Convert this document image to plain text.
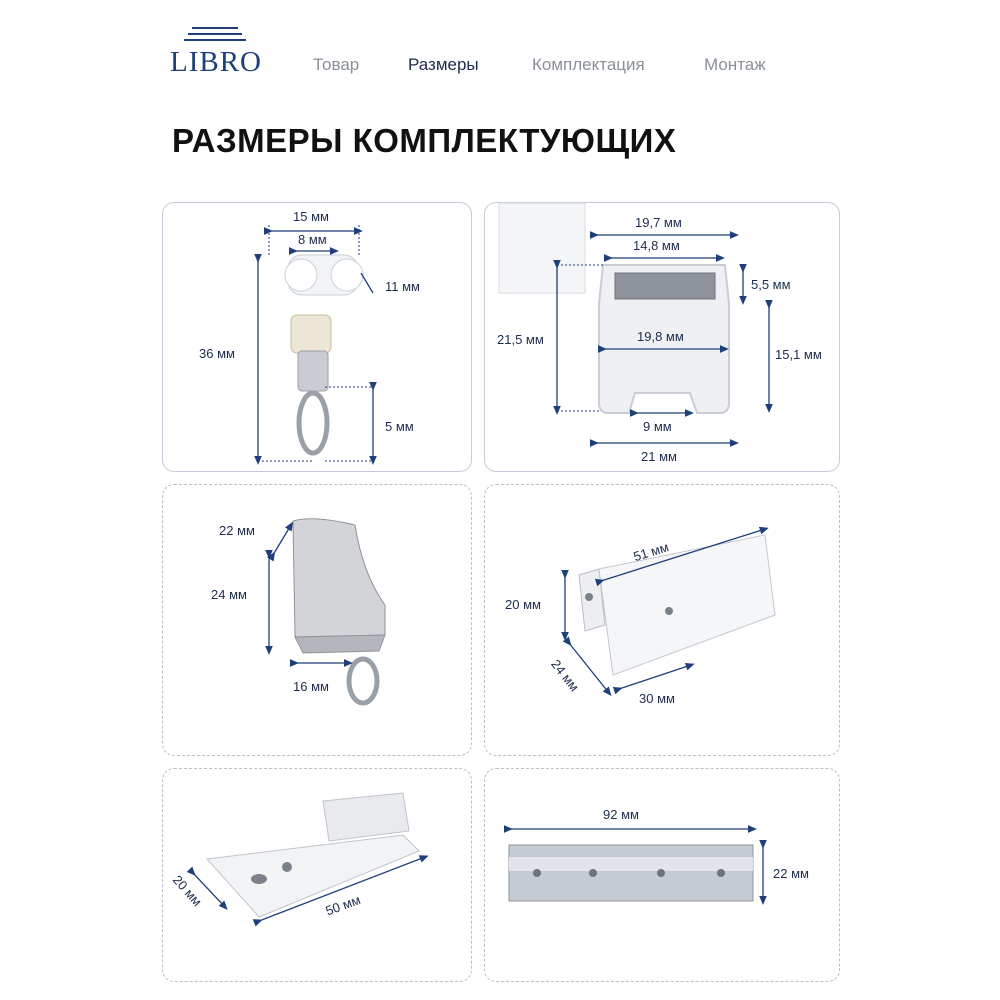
LIBRO	Товар	Размеры	Комплектация	Монтаж
РАЗМЕРЫ КОМПЛЕКТУЮЩИХ
15 мм
8 мм
11 мм
36 мм
5 мм
19,7 мм
14,8 мм
5,5 мм
21,5 мм	19,8 мм
15,1 мм
9 мм
21 мм
22 мм
24 мм
16 мм
51 мм
20 мм
24 мм
30 мм
20 мм	50 мм
92 мм
22 мм
